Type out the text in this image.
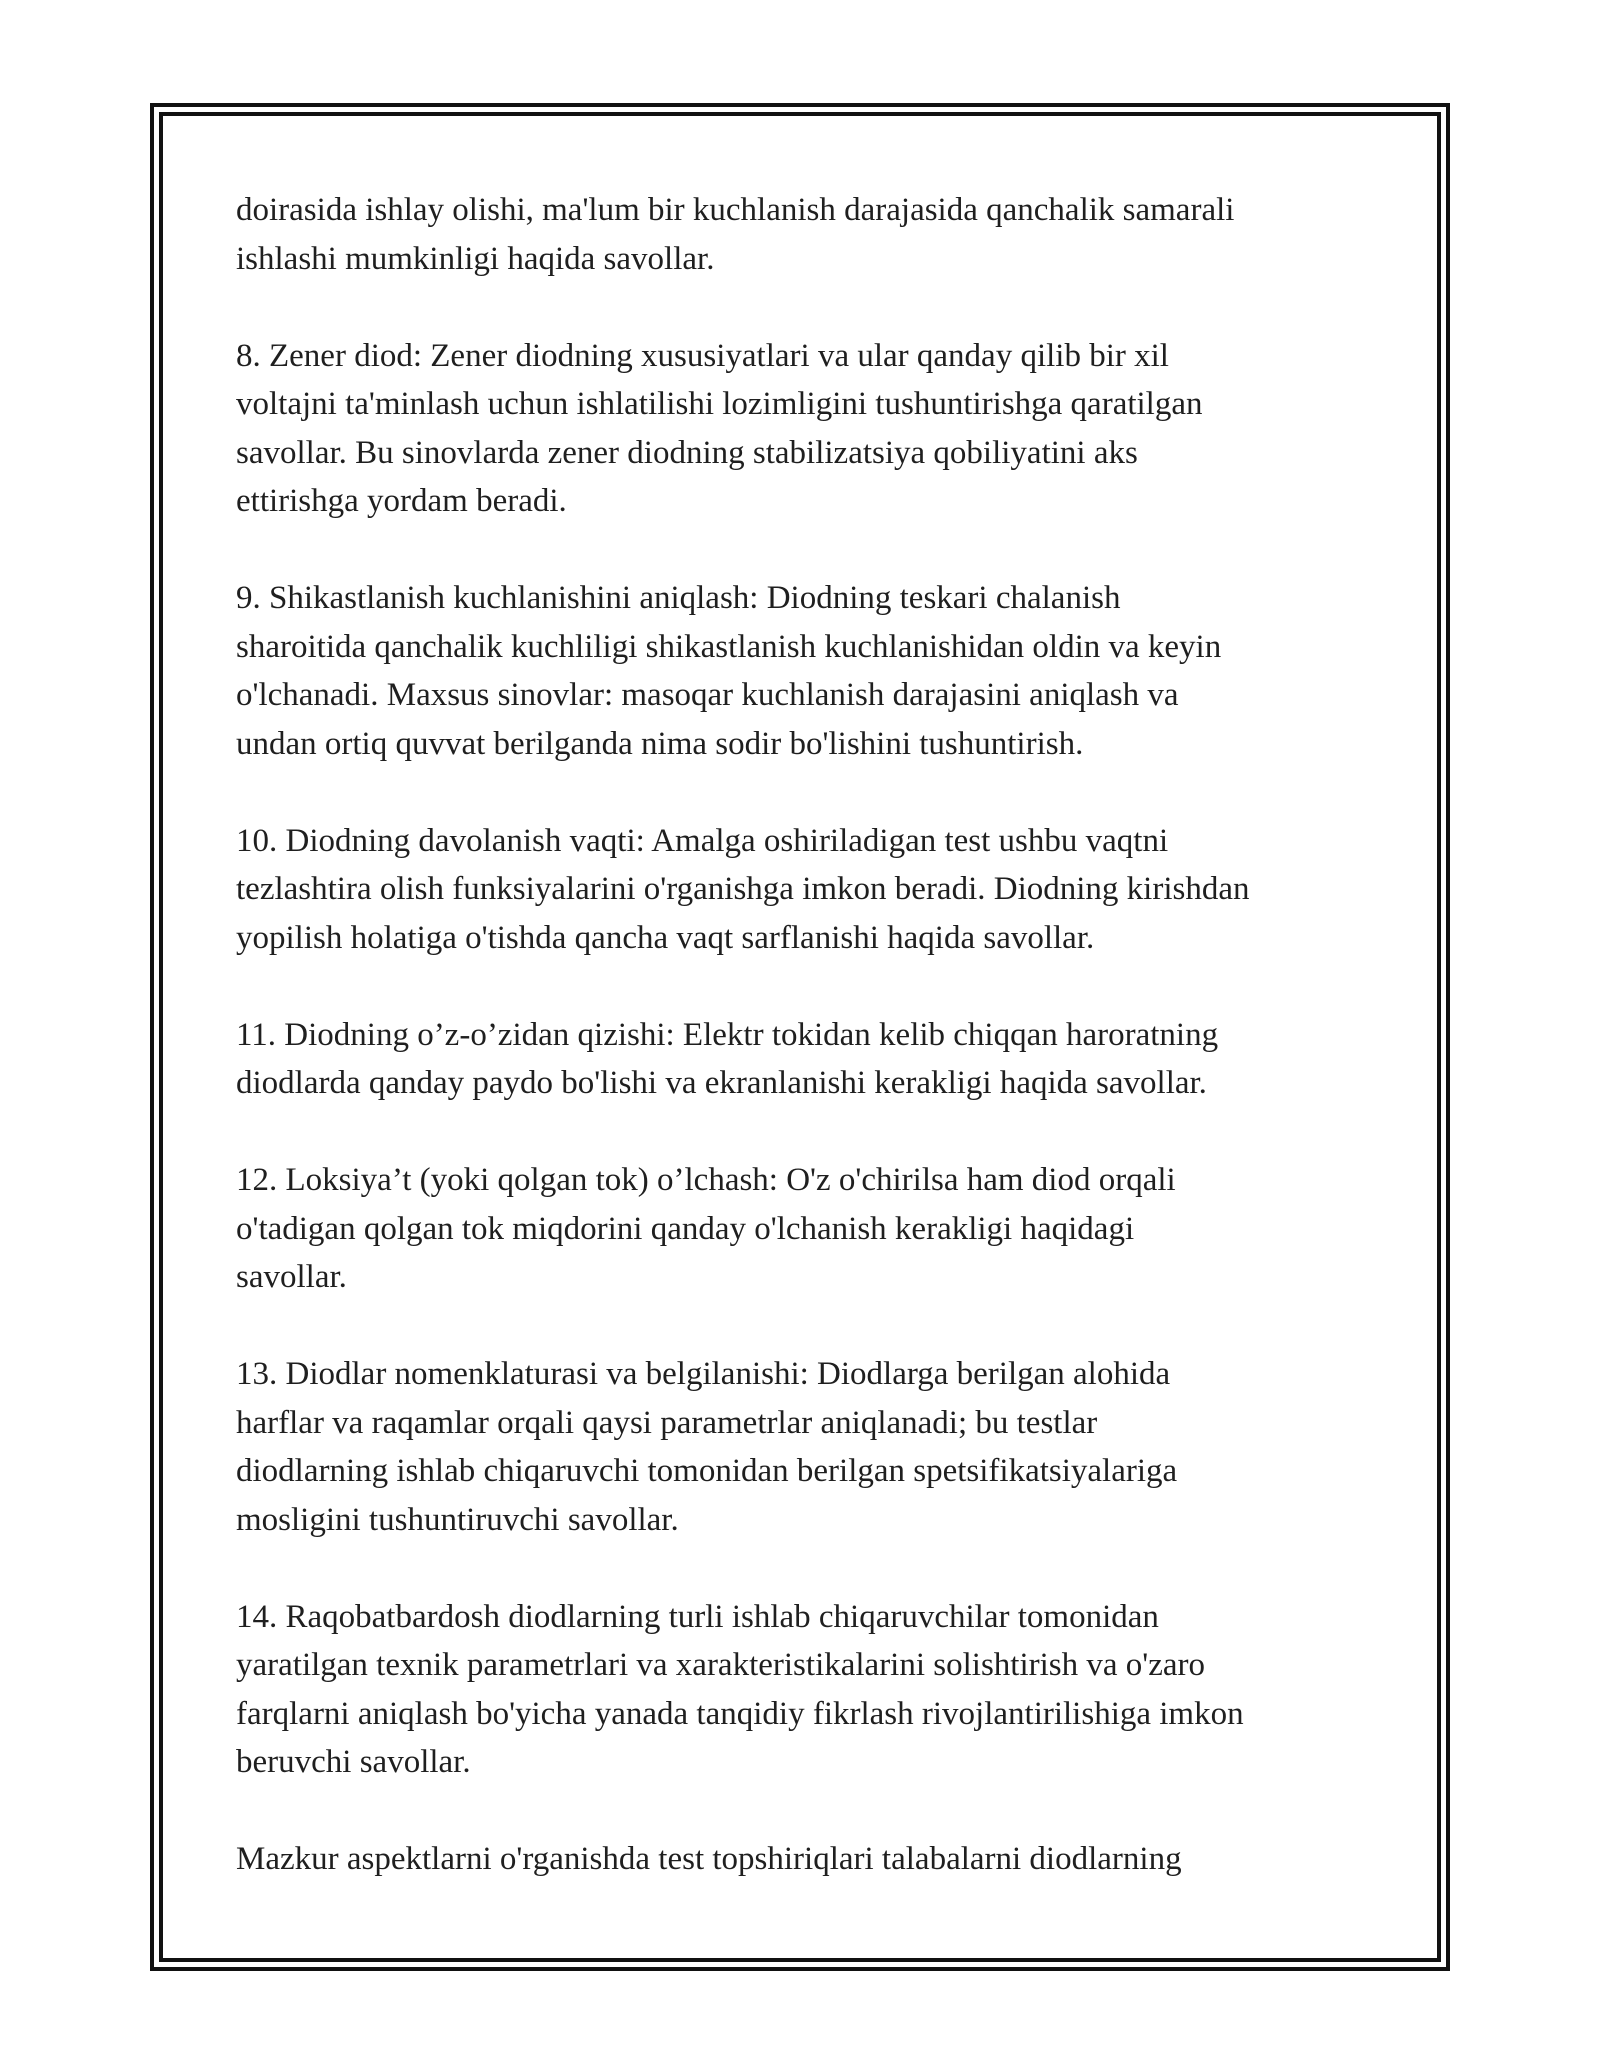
doirasida ishlay olishi, ma'lum bir kuchlanish darajasida qanchalik samarali
ishlashi mumkinligi haqida savollar.

8. Zener diod: Zener diodning xususiyatlari va ular qanday qilib bir xil
voltajni ta'minlash uchun ishlatilishi lozimligini tushuntirishga qaratilgan
savollar. Bu sinovlarda zener diodning stabilizatsiya qobiliyatini aks
ettirishga yordam beradi.

9. Shikastlanish kuchlanishini aniqlash: Diodning teskari chalanish
sharoitida qanchalik kuchliligi shikastlanish kuchlanishidan oldin va keyin
o'lchanadi. Maxsus sinovlar: masoqar kuchlanish darajasini aniqlash va
undan ortiq quvvat berilganda nima sodir bo'lishini tushuntirish.

10. Diodning davolanish vaqti: Amalga oshiriladigan test ushbu vaqtni
tezlashtira olish funksiyalarini o'rganishga imkon beradi. Diodning kirishdan
yopilish holatiga o'tishda qancha vaqt sarflanishi haqida savollar.

11. Diodning o’z-o’zidan qizishi: Elektr tokidan kelib chiqqan haroratning
diodlarda qanday paydo bo'lishi va ekranlanishi kerakligi haqida savollar.

12. Loksiya’t (yoki qolgan tok) o’lchash: O'z o'chirilsa ham diod orqali
o'tadigan qolgan tok miqdorini qanday o'lchanish kerakligi haqidagi
savollar.

13. Diodlar nomenklaturasi va belgilanishi: Diodlarga berilgan alohida
harflar va raqamlar orqali qaysi parametrlar aniqlanadi; bu testlar
diodlarning ishlab chiqaruvchi tomonidan berilgan spetsifikatsiyalariga
mosligini tushuntiruvchi savollar.

14. Raqobatbardosh diodlarning turli ishlab chiqaruvchilar tomonidan
yaratilgan texnik parametrlari va xarakteristikalarini solishtirish va o'zaro
farqlarni aniqlash bo'yicha yanada tanqidiy fikrlash rivojlantirilishiga imkon
beruvchi savollar.

Mazkur aspektlarni o'rganishda test topshiriqlari talabalarni diodlarning
